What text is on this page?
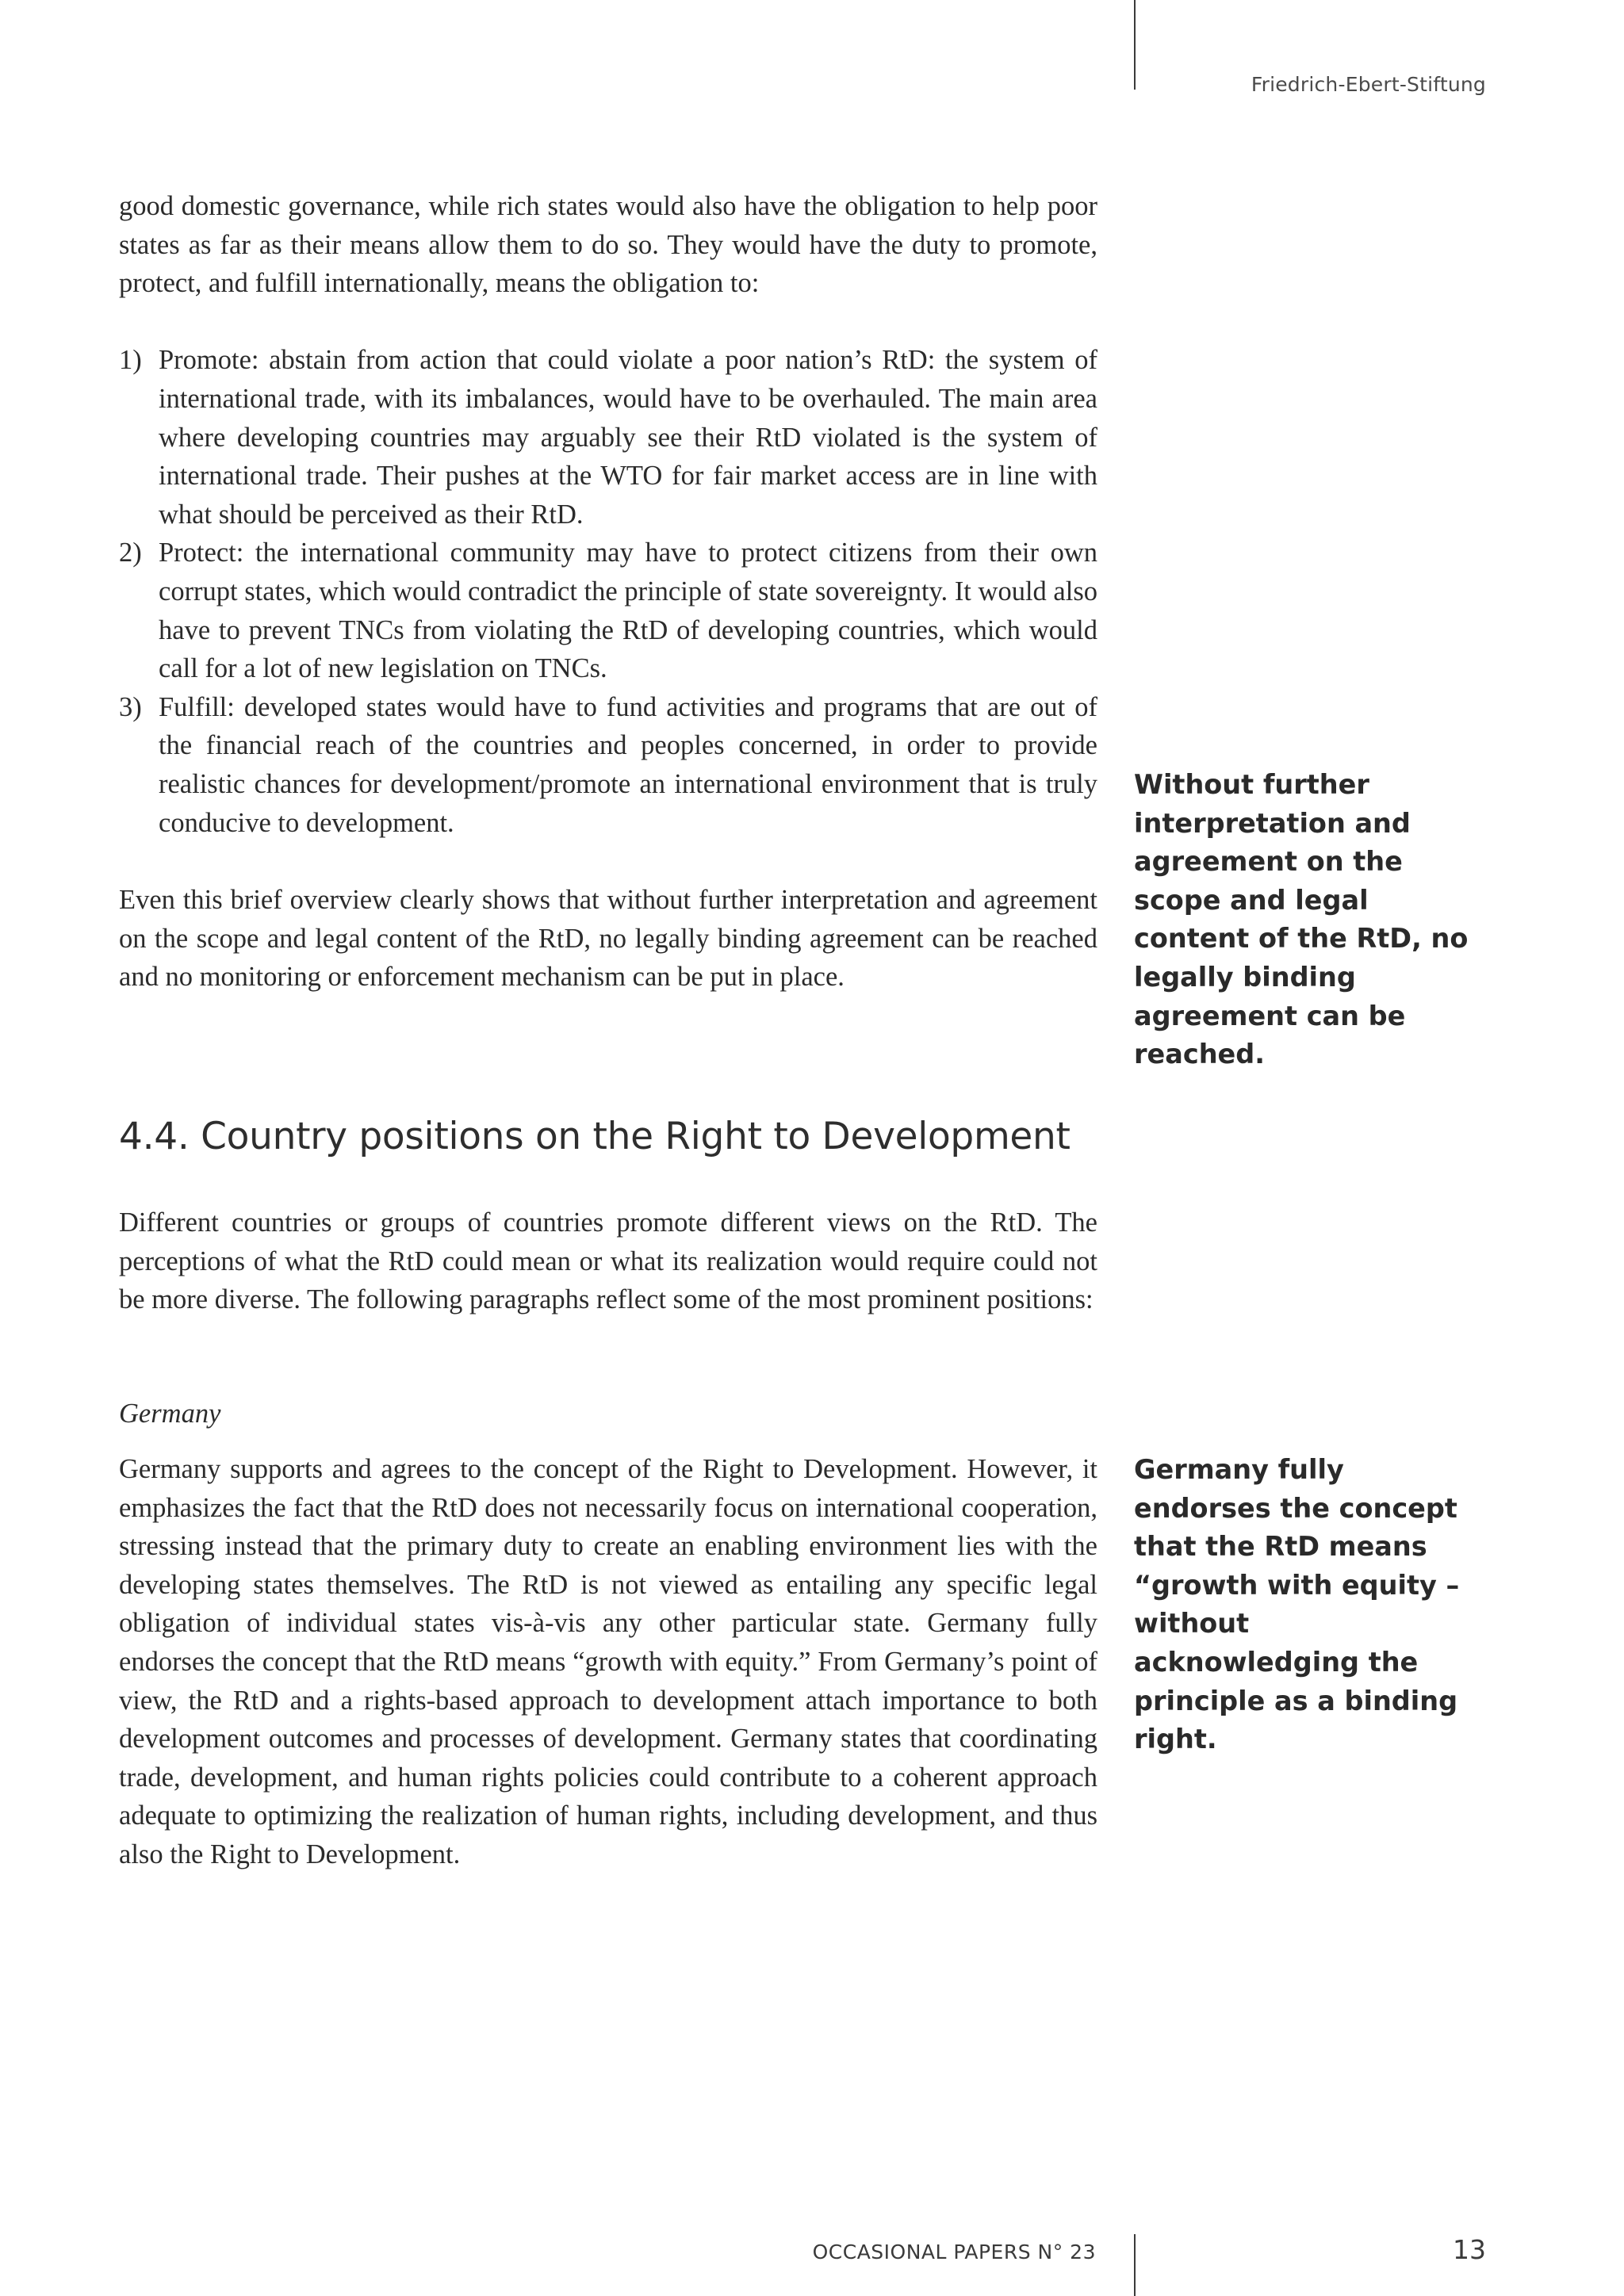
Friedrich-Ebert-Stiftung

good domestic governance, while rich states would also have the obligation to help poor states as far as their means allow them to do so. They would have the duty to promote, protect, and fulfill internationally, means the obligation to:

1) Promote: abstain from action that could violate a poor nation’s RtD: the system of international trade, with its imbalances, would have to be overhauled. The main area where developing countries may arguably see their RtD violated is the system of international trade. Their pushes at the WTO for fair market access are in line with what should be perceived as their RtD.
2) Protect: the international community may have to protect citizens from their own corrupt states, which would contradict the principle of state sovereignty. It would also have to prevent TNCs from violating the RtD of developing countries, which would call for a lot of new legislation on TNCs.
3) Fulfill: developed states would have to fund activities and programs that are out of the financial reach of the countries and peoples concerned, in order to provide realistic chances for development/promote an international environment that is truly conducive to development.

Even this brief overview clearly shows that without further interpretation and agreement on the scope and legal content of the RtD, no legally binding agreement can be reached and no monitoring or enforcement mechanism can be put in place.

Without further interpretation and agreement on the scope and legal content of the RtD, no legally binding agreement can be reached.
4.4. Country positions on the Right to Development

Different countries or groups of countries promote different views on the RtD. The perceptions of what the RtD could mean or what its realization would require could not be more diverse. The following paragraphs reflect some of the most prominent positions:

Germany

Germany supports and agrees to the concept of the Right to Development. However, it emphasizes the fact that the RtD does not necessarily focus on international cooperation, stressing instead that the primary duty to create an enabling environment lies with the developing states themselves. The RtD is not viewed as entailing any specific legal obligation of individual states vis-à-vis any other particular state. Germany fully endorses the concept that the RtD means “growth with equity.” From Germany’s point of view, the RtD and a rights-based approach to development attach importance to both development outcomes and processes of development. Germany states that coordinating trade, development, and human rights policies could contribute to a coherent approach adequate to optimizing the realization of human rights, including development, and thus also the Right to Development.

Germany fully endorses the concept that the RtD means “growth with equity – without acknowledging the principle as a binding right.
OCCASIONAL PAPERS N° 23	13
